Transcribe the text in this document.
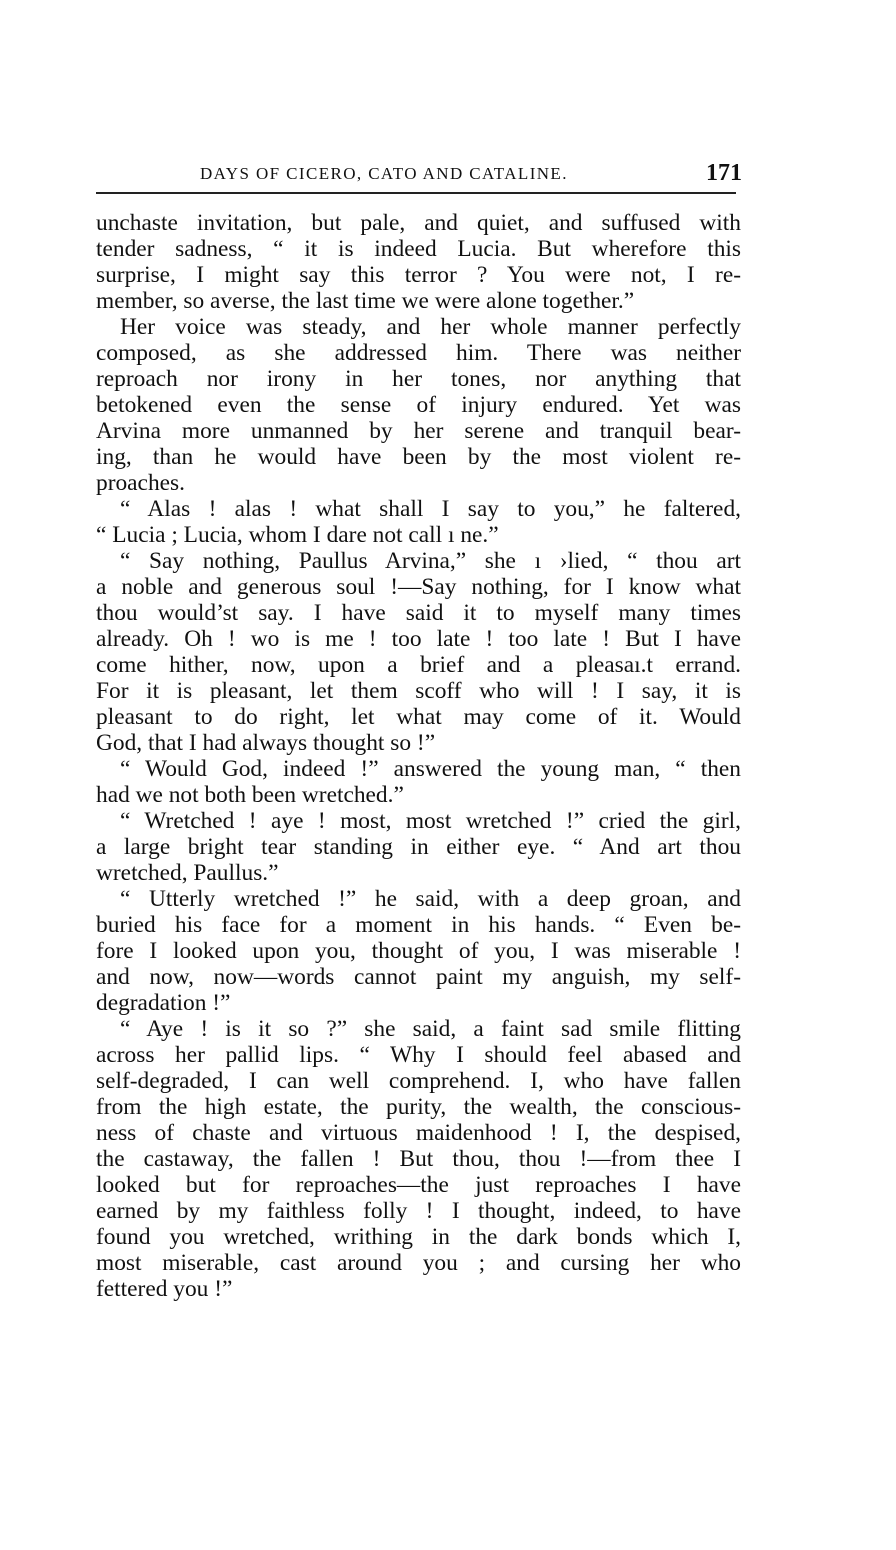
DAYS OF CICERO, CATO AND CATALINE.	171
unchaste invitation, but pale, and quiet, and suffused with
tender sadness, “ it is indeed Lucia. But wherefore this
surprise, I might say this terror ? You were not, I re-
member, so averse, the last time we were alone together.”
Her voice was steady, and her whole manner perfectly
composed, as she addressed him. There was neither
reproach nor irony in her tones, nor anything that
betokened even the sense of injury endured. Yet was
Arvina more unmanned by her serene and tranquil bear-
ing, than he would have been by the most violent re-
proaches.
“ Alas ! alas ! what shall I say to you,” he faltered,
“ Lucia ; Lucia, whom I dare not call ı ne.”
“ Say nothing, Paullus Arvina,” she ı ›lied, “ thou art
a noble and generous soul !—Say nothing, for I know what
thou would’st say. I have said it to myself many times
already. Oh ! wo is me ! too late ! too late ! But I have
come hither, now, upon a brief and a pleasaı.t errand.
For it is pleasant, let them scoff who will ! I say, it is
pleasant to do right, let what may come of it. Would
God, that I had always thought so !”
“ Would God, indeed !” answered the young man, “ then
had we not both been wretched.”
“ Wretched ! aye ! most, most wretched !” cried the girl,
a large bright tear standing in either eye. “ And art thou
wretched, Paullus.”
“ Utterly wretched !” he said, with a deep groan, and
buried his face for a moment in his hands. “ Even be-
fore I looked upon you, thought of you, I was miserable !
and now, now—words cannot paint my anguish, my self-
degradation !”
“ Aye ! is it so ?” she said, a faint sad smile flitting
across her pallid lips. “ Why I should feel abased and
self-degraded, I can well comprehend. I, who have fallen
from the high estate, the purity, the wealth, the conscious-
ness of chaste and virtuous maidenhood ! I, the despised,
the castaway, the fallen ! But thou, thou !—from thee I
looked but for reproaches—the just reproaches I have
earned by my faithless folly ! I thought, indeed, to have
found you wretched, writhing in the dark bonds which I,
most miserable, cast around you ; and cursing her who
fettered you !”
